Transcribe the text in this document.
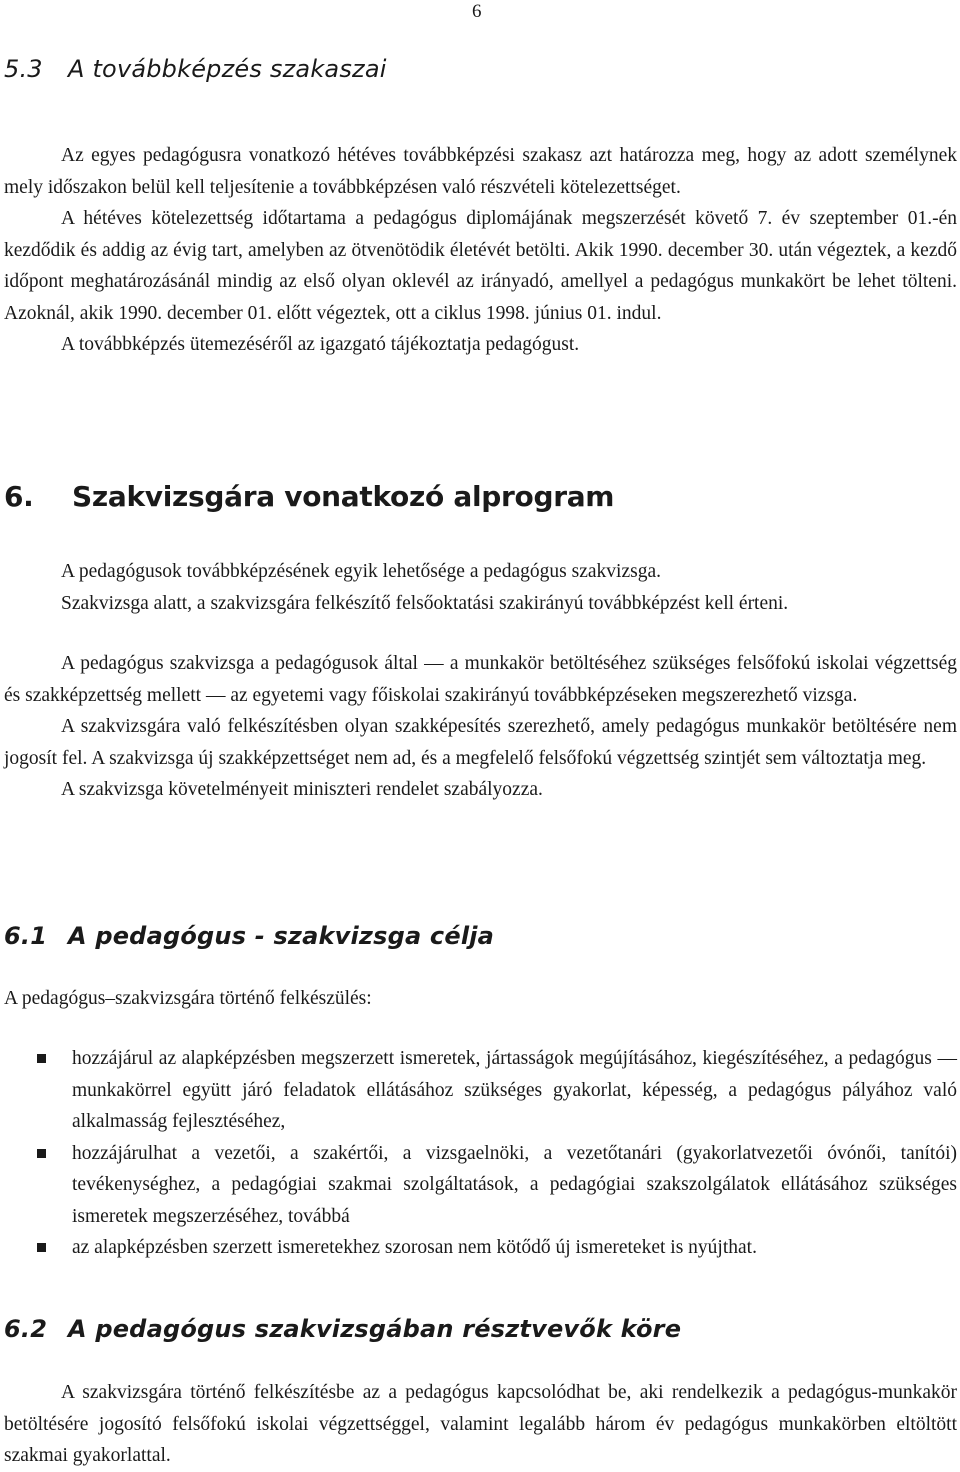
6
5.3 A továbbképzés szakaszai

Az egyes pedagógusra vonatkozó hétéves továbbképzési szakasz azt határozza meg, hogy az adott személynek mely időszakon belül kell teljesítenie a továbbképzésen való részvételi kötelezettséget.

A hétéves kötelezettség időtartama a pedagógus diplomájának megszerzését követő 7. év szeptember 01.-én kezdődik és addig az évig tart, amelyben az ötvenötödik életévét betölti. Akik 1990. december 30. után végeztek, a kezdő időpont meghatározásánál mindig az első olyan oklevél az irányadó, amellyel a pedagógus munkakört be lehet tölteni. Azoknál, akik 1990. december 01. előtt végeztek, ott a ciklus 1998. június 01. indul.

A továbbképzés ütemezéséről az igazgató tájékoztatja pedagógust.

6. Szakvizsgára vonatkozó alprogram

A pedagógusok továbbképzésének egyik lehetősége a pedagógus szakvizsga.

Szakvizsga alatt, a szakvizsgára felkészítő felsőoktatási szakirányú továbbképzést kell érteni.

A pedagógus szakvizsga a pedagógusok által — a munkakör betöltéséhez szükséges felsőfokú iskolai végzettség és szakképzettség mellett — az egyetemi vagy főiskolai szakirányú továbbképzéseken megszerezhető vizsga.

A szakvizsgára való felkészítésben olyan szakképesítés szerezhető, amely pedagógus munkakör betöltésére nem jogosít fel. A szakvizsga új szakképzettséget nem ad, és a megfelelő felsőfokú végzettség szintjét sem változtatja meg.

A szakvizsga követelményeit miniszteri rendelet szabályozza.

6.1 A pedagógus - szakvizsga célja

A pedagógus–szakvizsgára történő felkészülés:

hozzájárul az alapképzésben megszerzett ismeretek, jártasságok megújításához, kiegészítéséhez, a pedagógus — munkakörrel együtt járó feladatok ellátásához szükséges gyakorlat, képesség, a pedagógus pályához való alkalmasság fejlesztéséhez,
hozzájárulhat a vezetői, a szakértői, a vizsgaelnöki, a vezetőtanári (gyakorlatvezetői óvónői, tanítói) tevékenységhez, a pedagógiai szakmai szolgáltatások, a pedagógiai szakszolgálatok ellátásához szükséges ismeretek megszerzéséhez, továbbá
az alapképzésben szerzett ismeretekhez szorosan nem kötődő új ismereteket is nyújthat.
6.2 A pedagógus szakvizsgában résztvevők köre

A szakvizsgára történő felkészítésbe az a pedagógus kapcsolódhat be, aki rendelkezik a pedagógus-munkakör betöltésére jogosító felsőfokú iskolai végzettséggel, valamint legalább három év pedagógus munkakörben eltöltött szakmai gyakorlattal.
